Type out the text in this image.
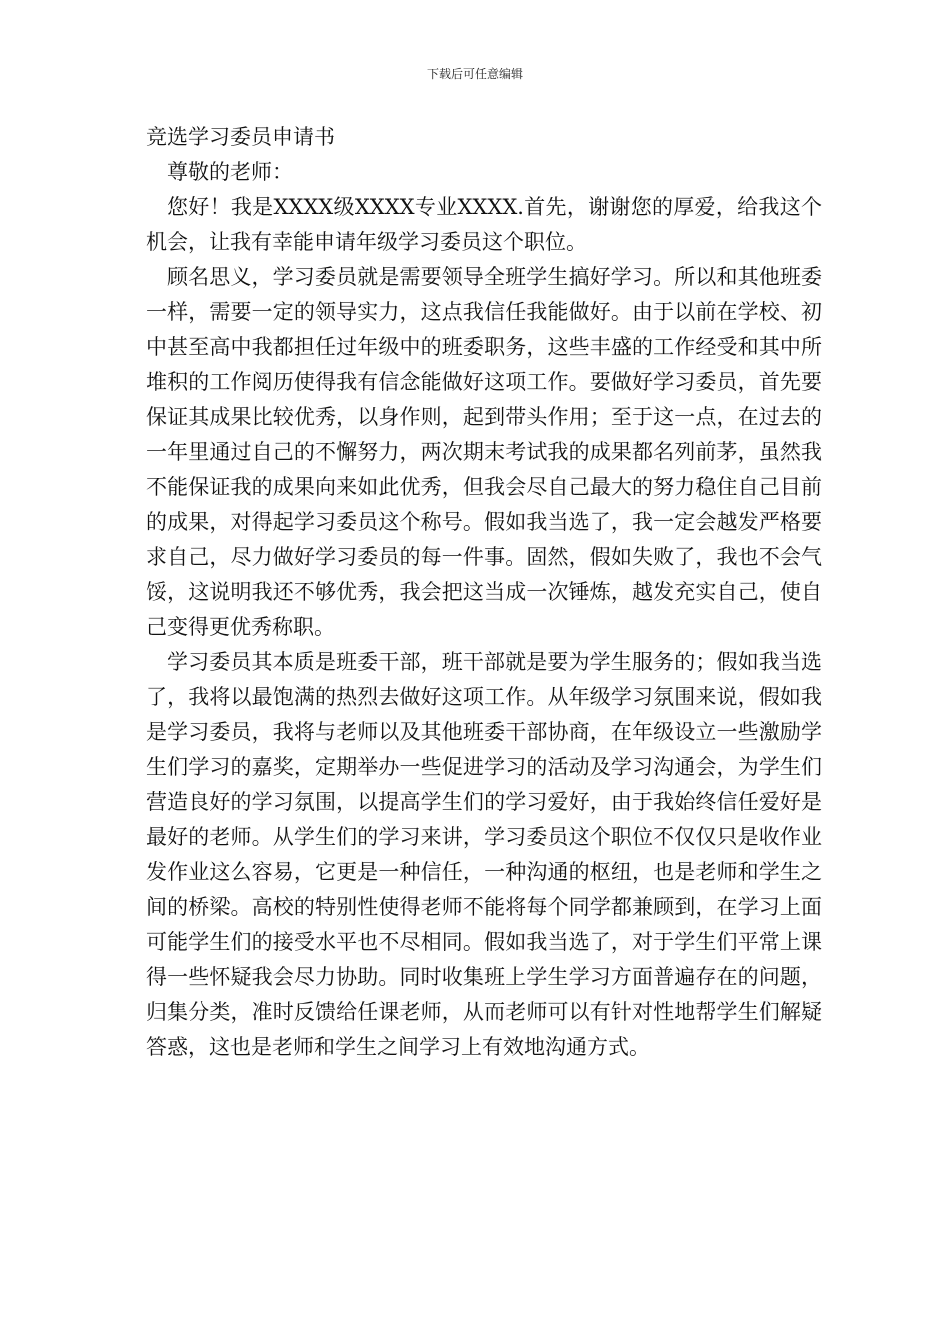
下载后可任意编辑
竞选学习委员申请书

尊敬的老师：

您好！我是XXXX级XXXX专业XXXX.首先，谢谢您的厚爱，给我这个机会，让我有幸能申请年级学习委员这个职位。

顾名思义，学习委员就是需要领导全班学生搞好学习。所以和其他班委一样，需要一定的领导实力，这点我信任我能做好。由于以前在学校、初中甚至高中我都担任过年级中的班委职务，这些丰盛的工作经受和其中所堆积的工作阅历使得我有信念能做好这项工作。要做好学习委员，首先要保证其成果比较优秀，以身作则，起到带头作用；至于这一点，在过去的一年里通过自己的不懈努力，两次期末考试我的成果都名列前茅，虽然我不能保证我的成果向来如此优秀，但我会尽自己最大的努力稳住自己目前的成果，对得起学习委员这个称号。假如我当选了，我一定会越发严格要求自己，尽力做好学习委员的每一件事。固然，假如失败了，我也不会气馁，这说明我还不够优秀，我会把这当成一次锤炼，越发充实自己，使自己变得更优秀称职。

学习委员其本质是班委干部，班干部就是要为学生服务的；假如我当选了，我将以最饱满的热烈去做好这项工作。从年级学习氛围来说，假如我是学习委员，我将与老师以及其他班委干部协商，在年级设立一些激励学生们学习的嘉奖，定期举办一些促进学习的活动及学习沟通会，为学生们营造良好的学习氛围，以提高学生们的学习爱好，由于我始终信任爱好是最好的老师。从学生们的学习来讲，学习委员这个职位不仅仅只是收作业发作业这么容易，它更是一种信任，一种沟通的枢纽，也是老师和学生之间的桥梁。高校的特别性使得老师不能将每个同学都兼顾到，在学习上面可能学生们的接受水平也不尽相同。假如我当选了，对于学生们平常上课得一些怀疑我会尽力协助。同时收集班上学生学习方面普遍存在的问题，归集分类，准时反馈给任课老师，从而老师可以有针对性地帮学生们解疑答惑，这也是老师和学生之间学习上有效地沟通方式。
